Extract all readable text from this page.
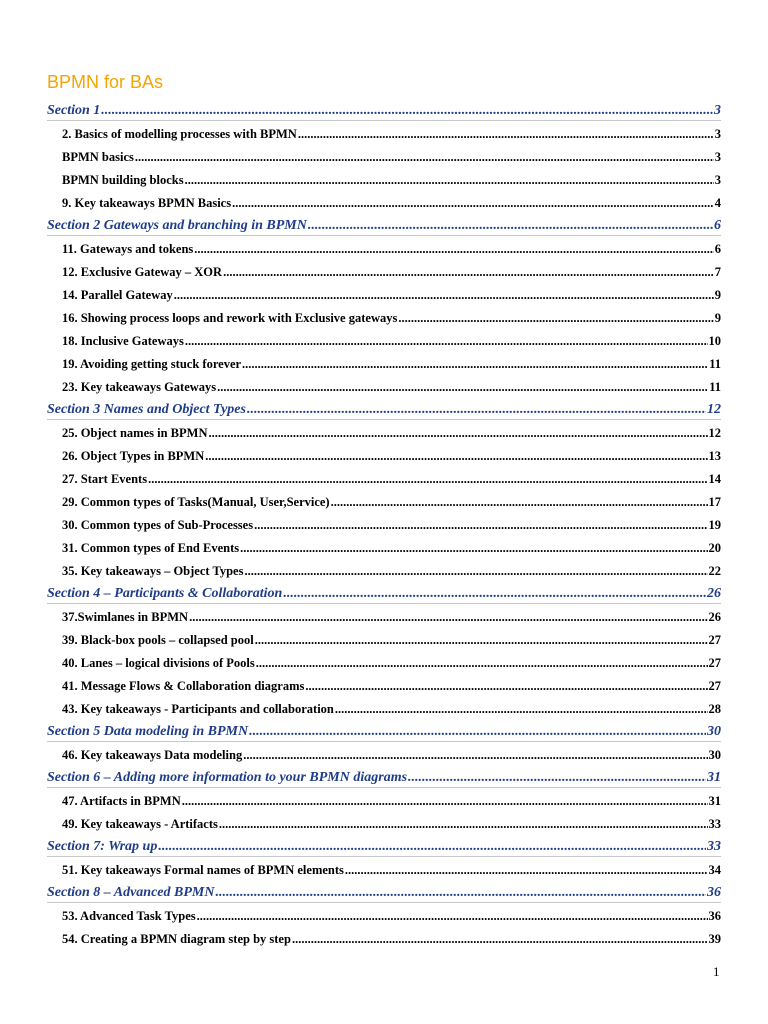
BPMN for BAs
Section 1 .....	3
2. Basics of modelling processes with BPMN .....	3
BPMN basics .....	3
BPMN building blocks .....	3
9. Key takeaways BPMN Basics .....	4
Section 2 Gateways and branching in BPMN .....	6
11. Gateways and tokens .....	6
12. Exclusive Gateway – XOR .....	7
14. Parallel Gateway .....	9
16. Showing process loops and rework with Exclusive gateways .....	9
18. Inclusive Gateways .....	10
19. Avoiding getting stuck forever .....	11
23. Key takeaways Gateways .....	11
Section 3 Names and Object Types .....	12
25. Object names in BPMN .....	12
26. Object Types in BPMN .....	13
27. Start Events .....	14
29. Common types of Tasks(Manual, User,Service) .....	17
30. Common types of Sub-Processes .....	19
31. Common types of End Events .....	20
35. Key takeaways – Object Types .....	22
Section 4 – Participants & Collaboration .....	26
37.Swimlanes in BPMN .....	26
39. Black-box pools – collapsed pool .....	27
40. Lanes – logical divisions of Pools .....	27
41. Message Flows & Collaboration diagrams .....	27
43. Key takeaways - Participants and collaboration .....	28
Section 5 Data modeling in BPMN .....	30
46. Key takeaways Data modeling .....	30
Section 6 – Adding more information to your BPMN diagrams .....	31
47. Artifacts in BPMN .....	31
49. Key takeaways - Artifacts .....	33
Section 7: Wrap up .....	33
51. Key takeaways Formal names of BPMN elements .....	34
Section 8 – Advanced BPMN .....	36
53. Advanced Task Types .....	36
54. Creating a BPMN diagram step by step .....	39
1
